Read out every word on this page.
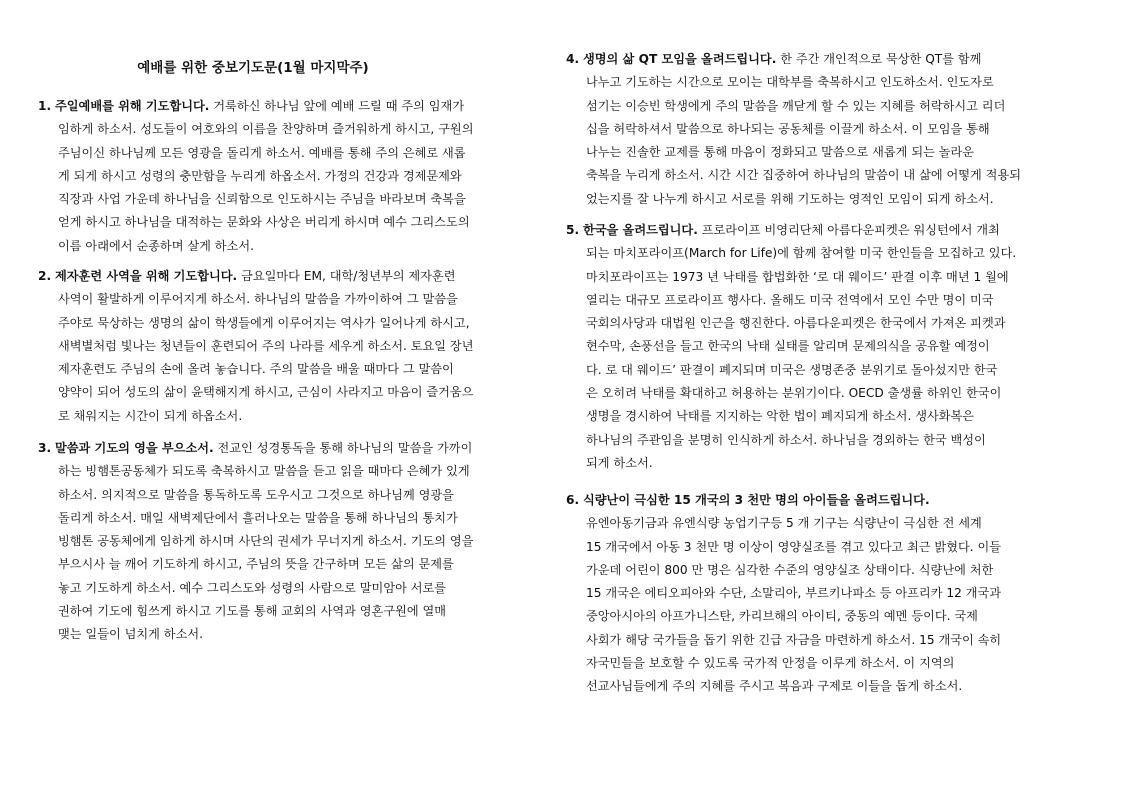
예배를 위한 중보기도문(1월 마지막주)
1. 주일예배를 위해 기도합니다. 거룩하신 하나님 앞에 예배 드릴 때 주의 임재가
임하게 하소서. 성도들이 여호와의 이름을 찬양하며 즐거워하게 하시고, 구원의
주님이신 하나님께 모든 영광을 돌리게 하소서. 예배를 통해 주의 은혜로 새롭
게 되게 하시고 성령의 충만함을 누리게 하옵소서. 가정의 건강과 경제문제와
직장과 사업 가운데 하나님을 신뢰함으로 인도하시는 주님을 바라보며 축복을
얻게 하시고 하나님을 대적하는 문화와 사상은 버리게 하시며 예수 그리스도의
이름 아래에서 순종하며 살게 하소서.
2. 제자훈련 사역을 위해 기도합니다. 금요일마다 EM, 대학/청년부의 제자훈련
사역이 활발하게 이루어지게 하소서. 하나님의 말씀을 가까이하여 그 말씀을
주야로 묵상하는 생명의 삶이 학생들에게 이루어지는 역사가 일어나게 하시고,
새벽별처럼 빛나는 청년들이 훈련되어 주의 나라를 세우게 하소서. 토요일 장년
제자훈련도 주님의 손에 올려 놓습니다. 주의 말씀을 배울 때마다 그 말씀이
양약이 되어 성도의 삶이 윤택해지게 하시고, 근심이 사라지고 마음이 즐거움으
로 채워지는 시간이 되게 하옵소서.
3. 말씀과 기도의 영을 부으소서. 전교인 성경통독을 통해 하나님의 말씀을 가까이
하는 빙햄톤공동체가 되도록 축복하시고 말씀을 듣고 읽을 때마다 은혜가 있게
하소서. 의지적으로 말씀을 통독하도록 도우시고 그것으로 하나님께 영광을
돌리게 하소서. 매일 새벽제단에서 흘러나오는 말씀을 통해 하나님의 통치가
빙햄톤 공동체에게 임하게 하시며 사단의 권세가 무너지게 하소서. 기도의 영을
부으시사 늘 깨어 기도하게 하시고, 주님의 뜻을 간구하며 모든 삶의 문제를
놓고 기도하게 하소서. 예수 그리스도와 성령의 사람으로 말미암아 서로를
권하여 기도에 힘쓰게 하시고 기도를 통해 교회의 사역과 영혼구원에 열매
맺는 일들이 넘치게 하소서.
4. 생명의 삶 QT 모임을 올려드립니다. 한 주간 개인적으로 묵상한 QT를 함께
나누고 기도하는 시간으로 모이는 대학부를 축복하시고 인도하소서. 인도자로
섬기는 이승빈 학생에게 주의 말씀을 깨닫게 할 수 있는 지혜를 허락하시고 리더
십을 허락하셔서 말씀으로 하나되는 공동체를 이끌게 하소서. 이 모임을 통해
나누는 진솔한 교제를 통해 마음이 정화되고 말씀으로 새롭게 되는 놀라운
축복을 누리게 하소서. 시간 시간 집중하여 하나님의 말씀이 내 삶에 어떻게 적용되
었는지를 잘 나누게 하시고 서로를 위해 기도하는 영적인 모임이 되게 하소서.
5. 한국을 올려드립니다. 프로라이프 비영리단체 아름다운피켓은 워싱턴에서 개최
되는 마치포라이프(March for Life)에 함께 참여할 미국 한인들을 모집하고 있다.
마치포라이프는 1973 년 낙태를 합법화한 ‘로 대 웨이드’ 판결 이후 매년 1 월에
열리는 대규모 프로라이프 행사다. 올해도 미국 전역에서 모인 수만 명이 미국
국회의사당과 대법원 인근을 행진한다. 아름다운피켓은 한국에서 가져온 피켓과
현수막, 손풍선을 들고 한국의 낙태 실태를 알리며 문제의식을 공유할 예정이
다. 로 대 웨이드’ 판결이 폐지되며 미국은 생명존중 분위기로 돌아섰지만 한국
은 오히려 낙태를 확대하고 허용하는 분위기이다. OECD 출생률 하위인 한국이
생명을 경시하여 낙태를 지지하는 악한 법이 폐지되게 하소서. 생사화복은
하나님의 주관임을 분명히 인식하게 하소서. 하나님을 경외하는 한국 백성이
되게 하소서.
6. 식량난이 극심한 15 개국의 3 천만 명의 아이들을 올려드립니다.
유엔아동기금과 유엔식량 농업기구등 5 개 기구는 식량난이 극심한 전 세계
15 개국에서 아동 3 천만 명 이상이 영양실조를 겪고 있다고 최근 밝혔다. 이들
가운데 어린이 800 만 명은 심각한 수준의 영양실조 상태이다. 식량난에 처한
15 개국은 에티오피아와 수단, 소말리아, 부르키나파소 등 아프리카 12 개국과
중앙아시아의 아프가니스탄, 카리브해의 아이티, 중동의 예멘 등이다. 국제
사회가 해당 국가들을 돕기 위한 긴급 자금을 마련하게 하소서. 15 개국이 속히
자국민들을 보호할 수 있도록 국가적 안정을 이루게 하소서. 이 지역의
선교사님들에게 주의 지혜를 주시고 복음과 구제로 이들을 돕게 하소서.
